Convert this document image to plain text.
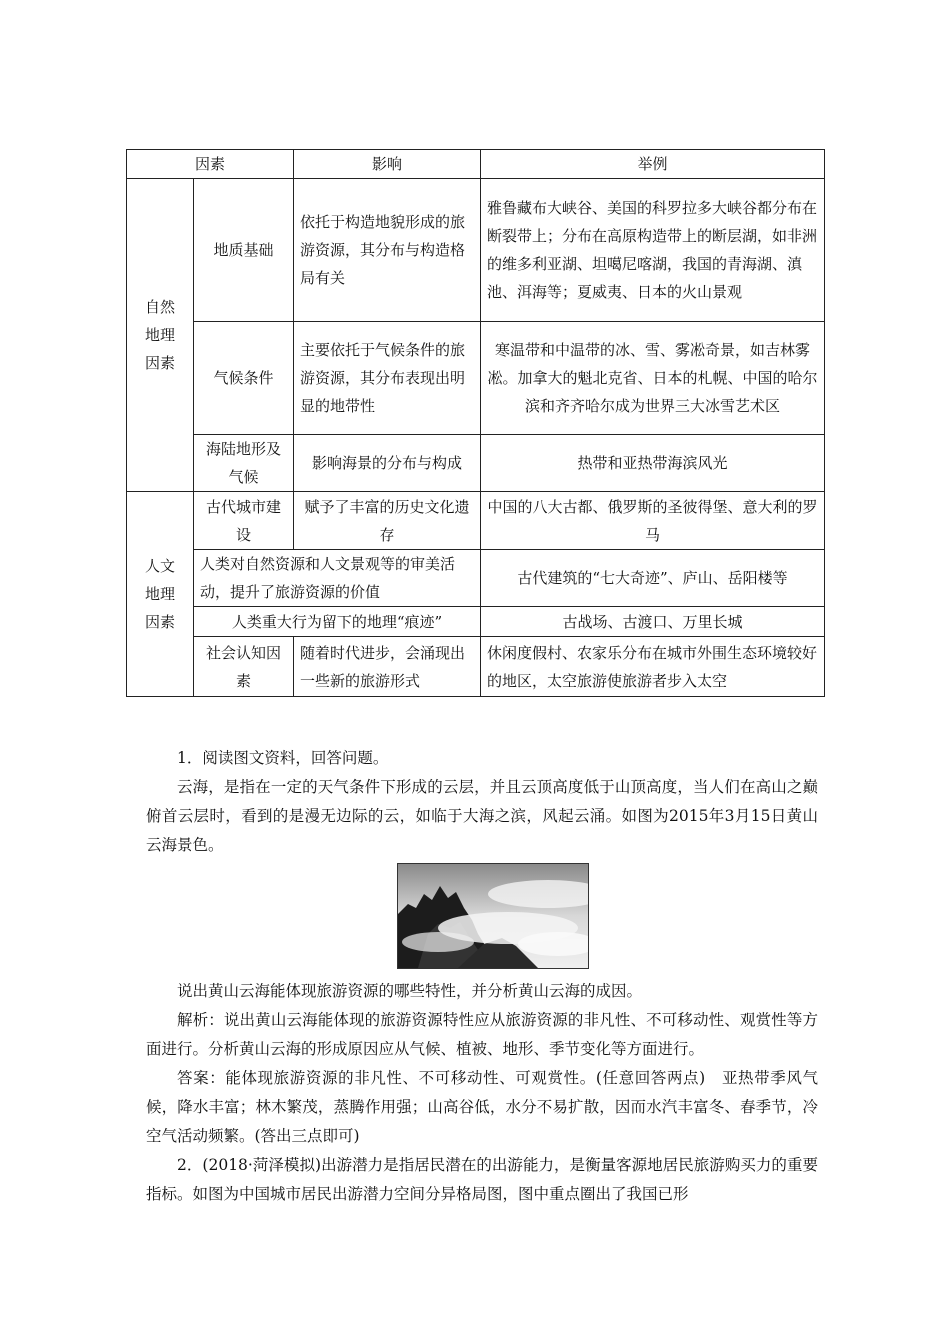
因素		影响	举例

自然
地理
因素	地质基础	依托于构造地貌形成的旅游资源，其分布与构造格局有关	雅鲁藏布大峡谷、美国的科罗拉多大峡谷都分布在断裂带上；分布在高原构造带上的断层湖，如非洲的维多利亚湖、坦噶尼喀湖，我国的青海湖、滇池、洱海等；夏威夷、日本的火山景观
	气候条件	主要依托于气候条件的旅游资源，其分布表现出明显的地带性	寒温带和中温带的冰、雪、雾凇奇景，如吉林雾凇。加拿大的魁北克省、日本的札幌、中国的哈尔滨和齐齐哈尔成为世界三大冰雪艺术区
	海陆地形及气候	影响海景的分布与构成	热带和亚热带海滨风光

人文
地理
因素	古代城市建设	赋予了丰富的历史文化遗存	中国的八大古都、俄罗斯的圣彼得堡、意大利的罗马
	人类对自然资源和人文景观等的审美活动，提升了旅游资源的价值		古代建筑的“七大奇迹”、庐山、岳阳楼等
	人类重大行为留下的地理“痕迹”		古战场、古渡口、万里长城
	社会认知因素	随着时代进步，会涌现出一些新的旅游形式	休闲度假村、农家乐分布在城市外围生态环境较好的地区，太空旅游使旅游者步入太空

1．阅读图文资料，回答问题。

云海，是指在一定的天气条件下形成的云层，并且云顶高度低于山顶高度，当人们在高山之巅俯首云层时，看到的是漫无边际的云，如临于大海之滨，风起云涌。如图为2015年3月15日黄山云海景色。

说出黄山云海能体现旅游资源的哪些特性，并分析黄山云海的成因。

解析：说出黄山云海能体现的旅游资源特性应从旅游资源的非凡性、不可移动性、观赏性等方面进行。分析黄山云海的形成原因应从气候、植被、地形、季节变化等方面进行。

答案：能体现旅游资源的非凡性、不可移动性、可观赏性。(任意回答两点)　亚热带季风气候，降水丰富；林木繁茂，蒸腾作用强；山高谷低，水分不易扩散，因而水汽丰富冬、春季节，冷空气活动频繁。(答出三点即可)

2．(2018·菏泽模拟)出游潜力是指居民潜在的出游能力，是衡量客源地居民旅游购买力的重要指标。如图为中国城市居民出游潜力空间分异格局图，图中重点圈出了我国已形
